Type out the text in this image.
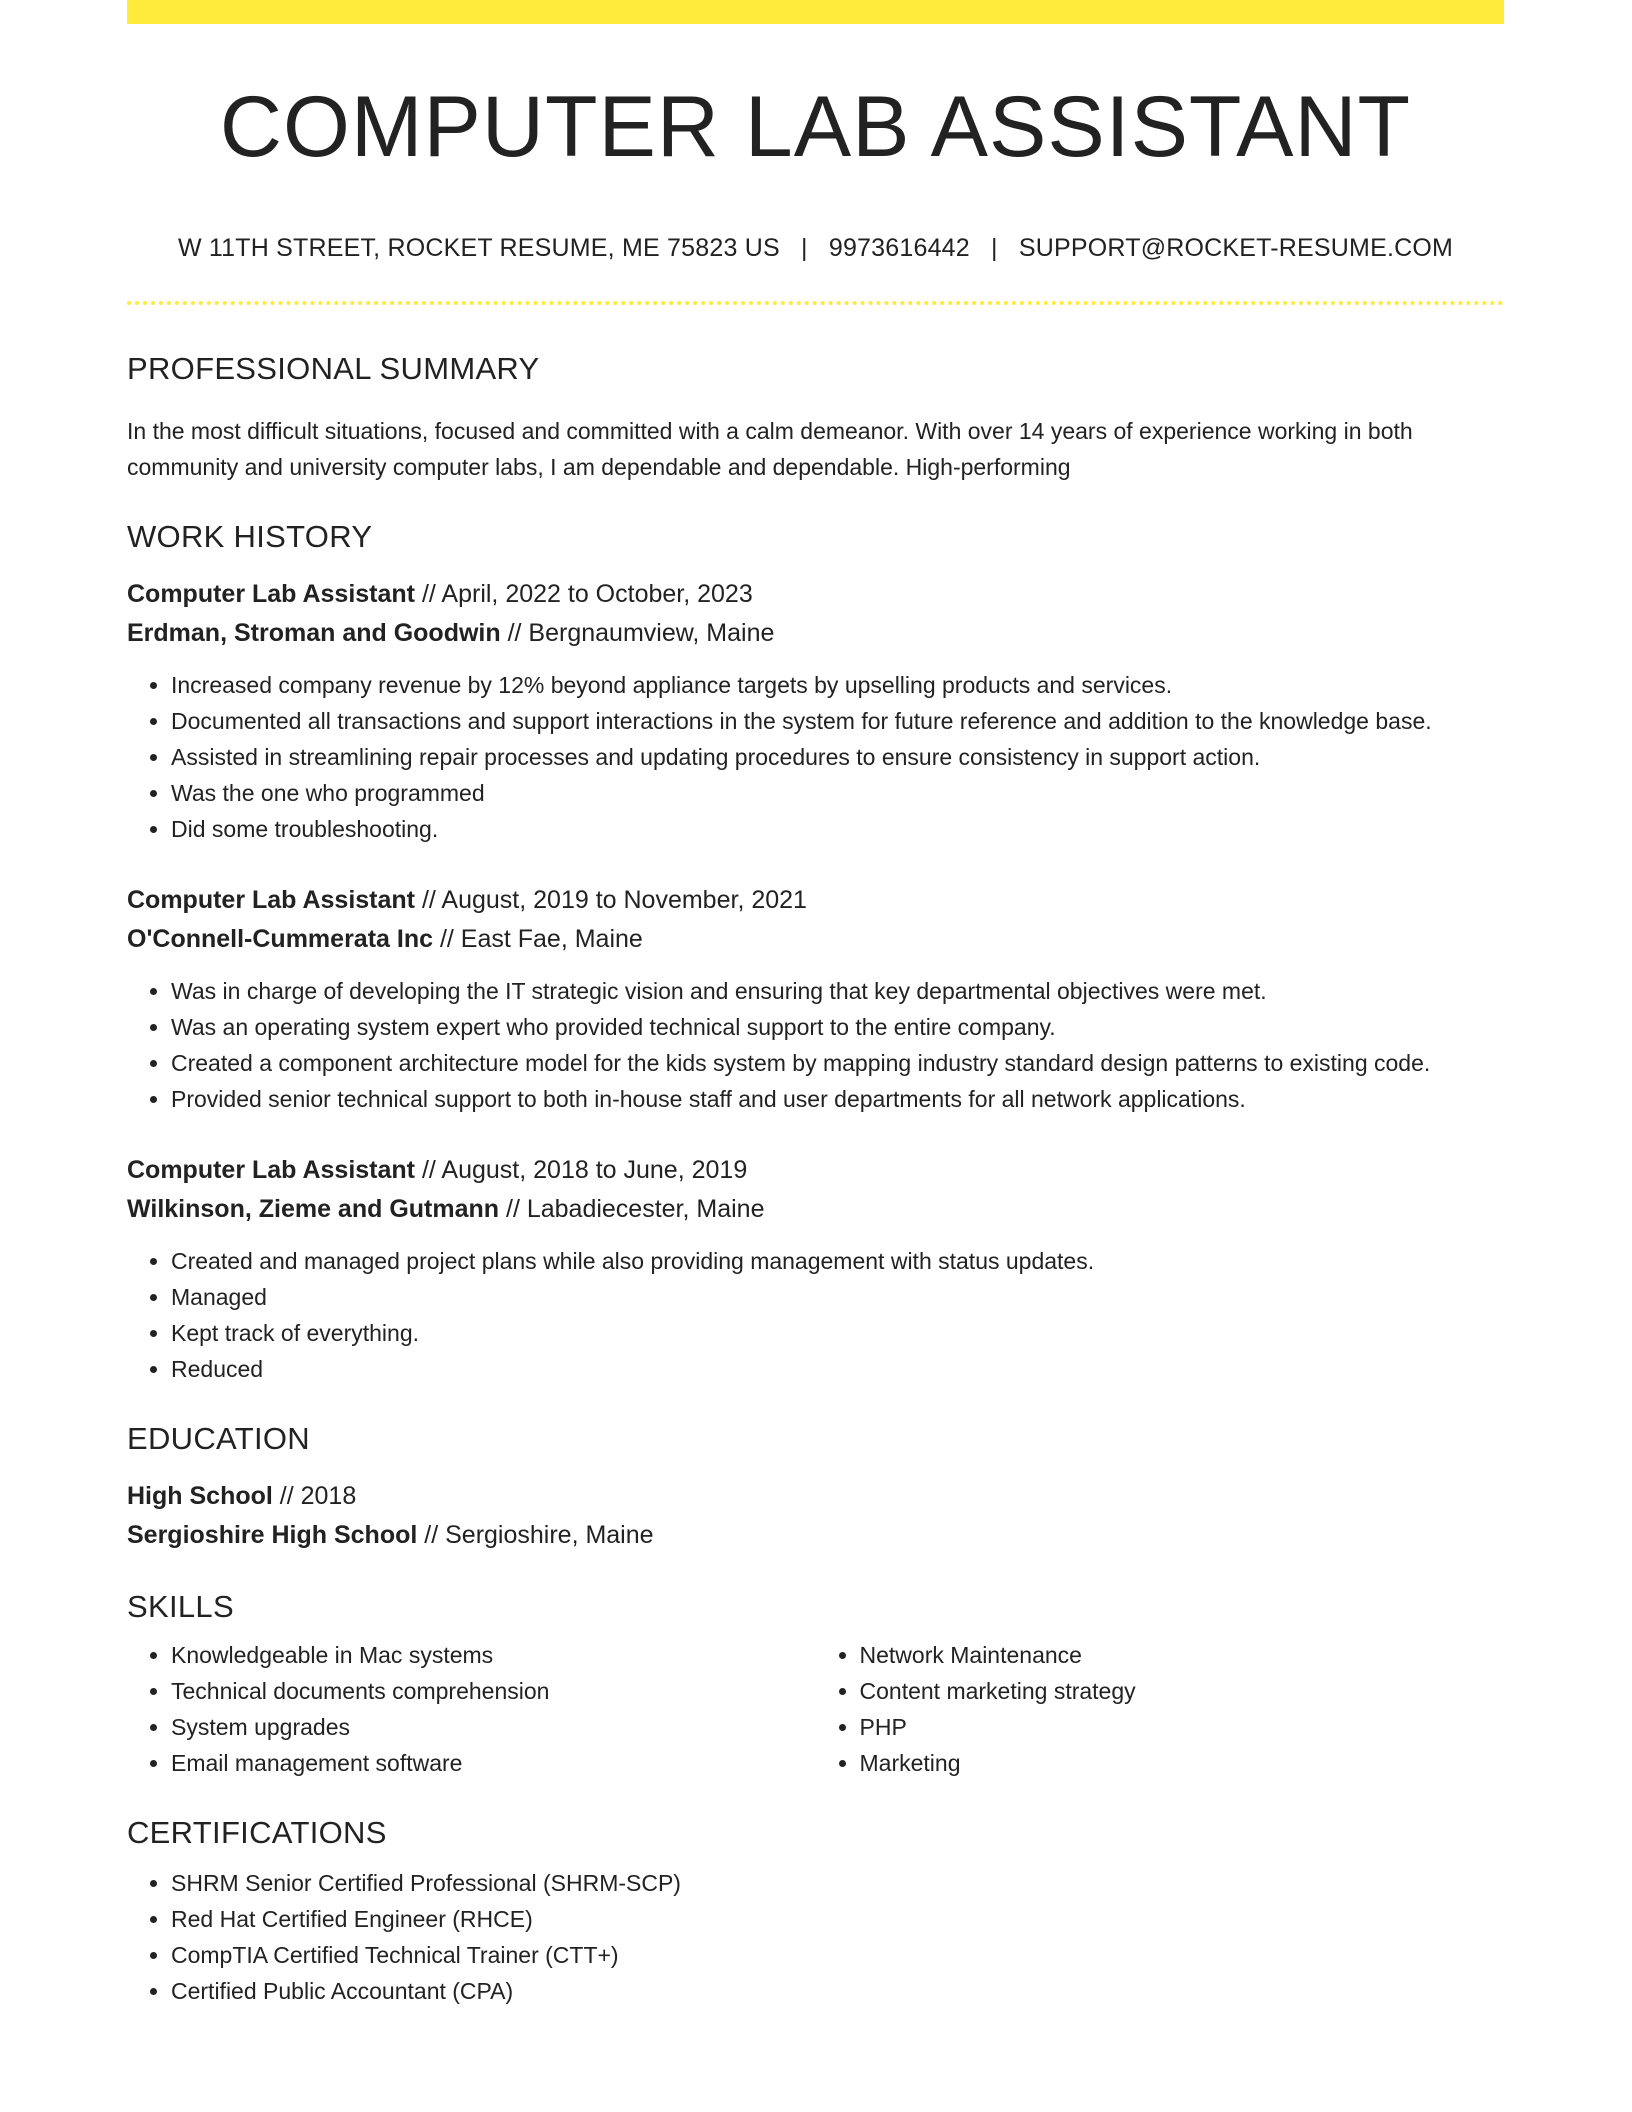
COMPUTER LAB ASSISTANT
W 11TH STREET, ROCKET RESUME, ME 75823 US | 9973616442 | SUPPORT@ROCKET-RESUME.COM
PROFESSIONAL SUMMARY
In the most difficult situations, focused and committed with a calm demeanor. With over 14 years of experience working in both community and university computer labs, I am dependable and dependable. High-performing
WORK HISTORY
Computer Lab Assistant // April, 2022 to October, 2023
Erdman, Stroman and Goodwin // Bergnaumview, Maine
• Increased company revenue by 12% beyond appliance targets by upselling products and services.
• Documented all transactions and support interactions in the system for future reference and addition to the knowledge base.
• Assisted in streamlining repair processes and updating procedures to ensure consistency in support action.
• Was the one who programmed
• Did some troubleshooting.
Computer Lab Assistant // August, 2019 to November, 2021
O'Connell-Cummerata Inc // East Fae, Maine
• Was in charge of developing the IT strategic vision and ensuring that key departmental objectives were met.
• Was an operating system expert who provided technical support to the entire company.
• Created a component architecture model for the kids system by mapping industry standard design patterns to existing code.
• Provided senior technical support to both in-house staff and user departments for all network applications.
Computer Lab Assistant // August, 2018 to June, 2019
Wilkinson, Zieme and Gutmann // Labadiecester, Maine
• Created and managed project plans while also providing management with status updates.
• Managed
• Kept track of everything.
• Reduced
EDUCATION
High School // 2018
Sergioshire High School // Sergioshire, Maine
SKILLS
• Knowledgeable in Mac systems
• Technical documents comprehension
• System upgrades
• Email management software
• Network Maintenance
• Content marketing strategy
• PHP
• Marketing
CERTIFICATIONS
• SHRM Senior Certified Professional (SHRM-SCP)
• Red Hat Certified Engineer (RHCE)
• CompTIA Certified Technical Trainer (CTT+)
• Certified Public Accountant (CPA)
